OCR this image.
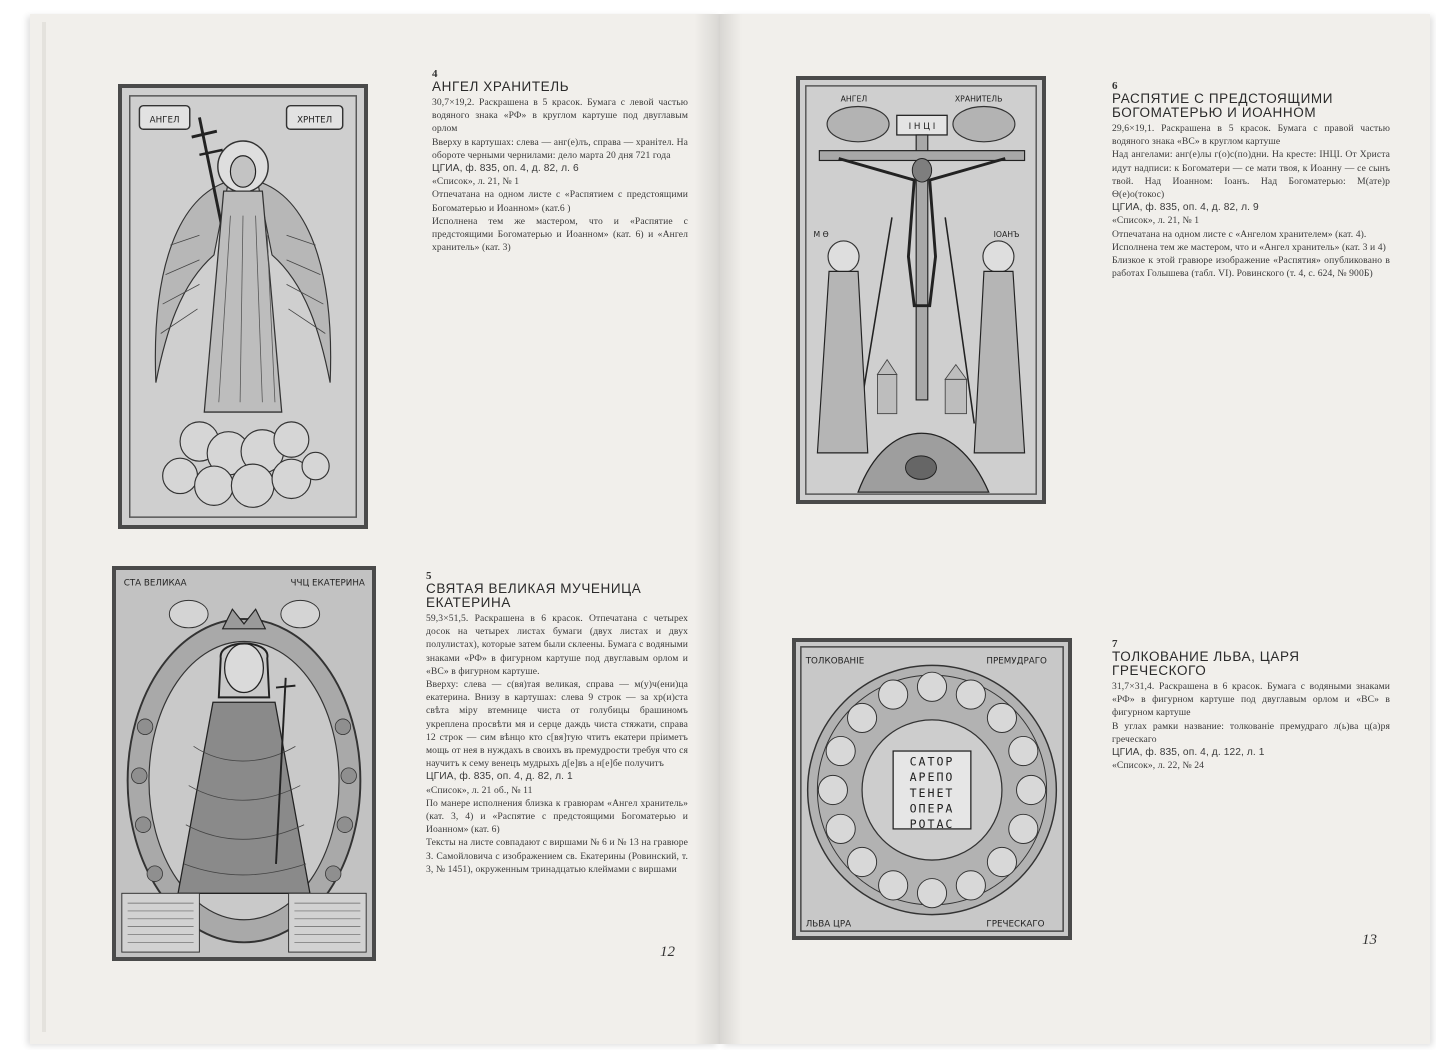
АНГЕЛ	ХРНТЕЛ
4
АНГЕЛ ХРАНИТЕЛЬ

30,7×19,2. Раскрашена в 5 красок. Бумага с левой частью водяного знака «РФ» в круглом картуше под двуглавым орлом

Вверху в картушах: слева — анг(е)лъ, справа — хранітел. На обороте черными чернилами: дело марта 20 дня 721 года

ЦГИА, ф. 835, оп. 4, д. 82, л. 6

«Список», л. 21, № 1

Отпечатана на одном листе с «Распятием с предстоящими Богоматерью и Иоанном» (кат.6 )

Исполнена тем же мастером, что и «Распятие с предстоящими Богоматерью и Иоанном» (кат. 6) и «Ангел хранитель» (кат. 3)

СТА ВЕЛИКАА	ЧЧЦ ЕКАТЕРИНА
5
СВЯТАЯ ВЕЛИКАЯ МУЧЕНИЦА ЕКАТЕРИНА

59,3×51,5. Раскрашена в 6 красок. Отпечатана с четырех досок на четырех листах бумаги (двух листах и двух полулистах), которые затем были склеены. Бумага с водяными знаками «РФ» в фигурном картуше под двуглавым орлом и «ВС» в фигурном картуше.

Вверху: слева — с(вя)тая великая, справа — м(у)ч(ени)ца екатерина. Внизу в картушах: слева 9 строк — за хр(и)ста свѣта міру втемнице чиста от голубицы брашиномъ укреплена просвѣти мя и серце даждь чиста стяжати, справа 12 строк — сим вѣнцо кто с[вя]тую чтитъ екатери пріиметъ мощь от нея в нуждахъ в своихъ въ премудрости требуя что ся научитъ к сему венецъ мудрыхъ д[е]въ а н[е]бе получитъ

ЦГИА, ф. 835, оп. 4, д. 82, л. 1

«Список», л. 21 об., № 11

По манере исполнения близка к гравюрам «Ангел хранитель» (кат. 3, 4) и «Распятие с предстоящими Богоматерью и Иоанном» (кат. 6)

Тексты на листе совпадают с виршами № 6 и № 13 на гравюре З. Самойловича с изображением св. Екатерины (Ровинский, т. 3, № 1451), окруженным тринадцатью клеймами с виршами

12
АНГЕЛ	ХРАНИТЕЛЬ
І Н Ц І
М Ѳ	ІОАНЪ
6
РАСПЯТИЕ С ПРЕДСТОЯЩИМИ БОГОМАТЕРЬЮ И ИОАННОМ

29,6×19,1. Раскрашена в 5 красок. Бумага с правой частью водяного знака «ВС» в круглом картуше

Над ангелами: анг(е)лы г(о)с(по)дни. На кресте: ІНЦІ. От Христа идут надписи: к Богоматери — се мати твоя, к Иоанну — се сынъ твой. Над Иоанном: Іоанъ. Над Богоматерью: М(ате)р Ѳ(е)о(токос)

ЦГИА, ф. 835, оп. 4, д. 82, л. 9

«Список», л. 21, № 1

Отпечатана на одном листе с «Ангелом хранителем» (кат. 4).

Исполнена тем же мастером, что и «Ангел хранитель» (кат. 3 и 4)

Близкое к этой гравюре изображение «Распятия» опубликовано в работах Голышева (табл. VI). Ровинского (т. 4, с. 624, № 900Б)

ТОЛКОВАНІЕ	ПРЕМУДРАГО
ЛЬВА ЦРА	ГРЕЧЕСКАГО
САТОР
АРЕПО
ТЕНЕТ
ОПЕРА
РОТАС
7
ТОЛКОВАНИЕ ЛЬВА, ЦАРЯ ГРЕЧЕСКОГО

31,7×31,4. Раскрашена в 6 красок. Бумага с водяными знаками «РФ» в фигурном картуше под двуглавым орлом и «ВС» в фигурном картуше

В углах рамки название: толкованіе премудраго л(ь)ва ц(а)ря греческаго

ЦГИА, ф. 835, оп. 4, д. 122, л. 1

«Список», л. 22, № 24

13
